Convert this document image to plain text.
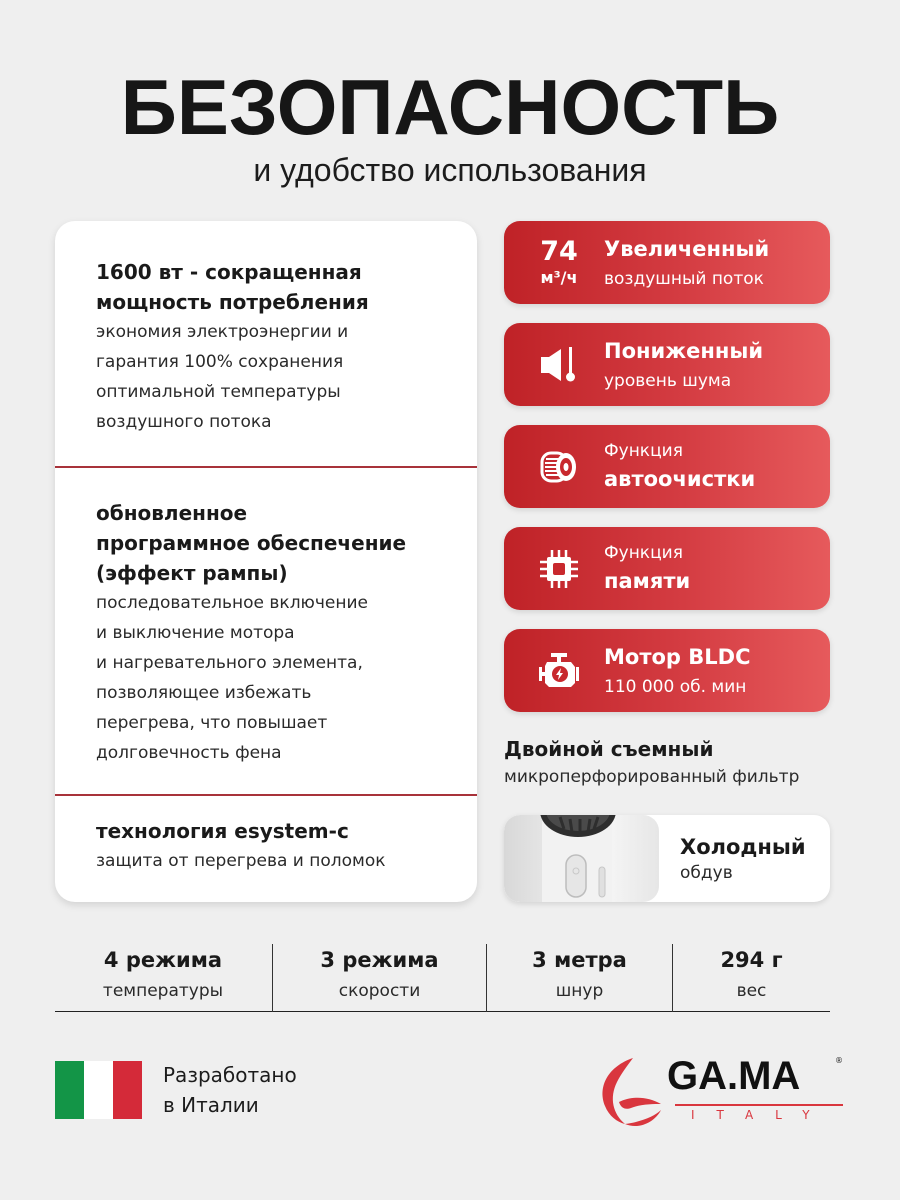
БЕЗОПАСНОСТЬ
и удобство использования
1600 вт - сокращенная
мощность потребления
экономия электроэнергии и
гарантия 100% сохранения
оптимальной температуры
воздушного потока
обновленное
программное обеспечение
(эффект рампы)
последовательное включение
и выключение мотора
и нагревательного элемента,
позволяющее избежать
перегрева, что повышает
долговечность фена
технология esystem-c
защита от перегрева и поломок
74
м³/ч
Увеличенный
воздушный поток
Пониженный
уровень шума
Функция
автоочистки
Функция
памяти
Мотор BLDC
110 000 об. мин
Двойной съемный
микроперфорированный фильтр
Холодный
обдув
4 режима
температуры
3 режима
скорости
3 метра
шнур
294 г
вес
Разработано
в Италии
GA.MA	®
ITALY
